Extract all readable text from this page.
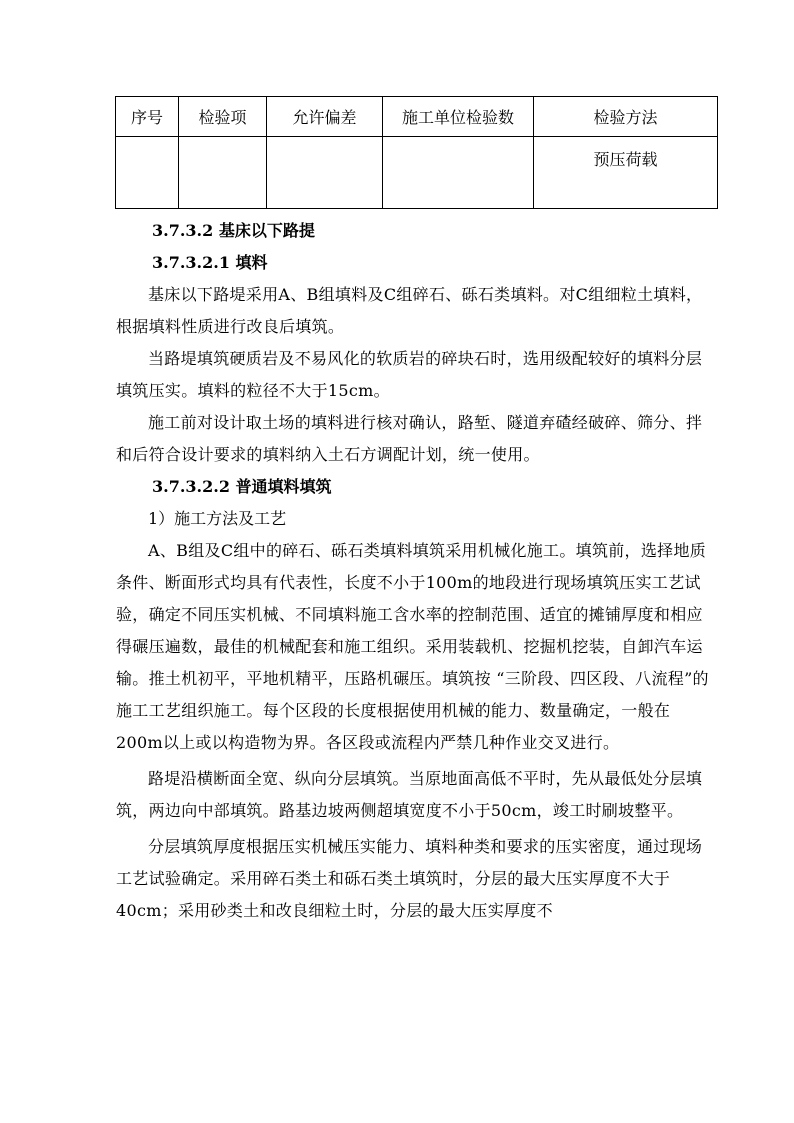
序号	检验项	允许偏差	施工单位检验数	检验方法
				预压荷载

3.7.3.2 基床以下路提

3.7.3.2.1 填料

基床以下路堤采用A、B组填料及C组碎石、砾石类填料。对C组细粒土填料，根据填料性质进行改良后填筑。

当路堤填筑硬质岩及不易风化的软质岩的碎块石时，选用级配较好的填料分层填筑压实。填料的粒径不大于15cm。

施工前对设计取土场的填料进行核对确认，路堑、隧道弃碴经破碎、筛分、拌和后符合设计要求的填料纳入土石方调配计划，统一使用。

3.7.3.2.2 普通填料填筑

1）施工方法及工艺

A、B组及C组中的碎石、砾石类填料填筑采用机械化施工。填筑前，选择地质条件、断面形式均具有代表性，长度不小于100m的地段进行现场填筑压实工艺试验，确定不同压实机械、不同填料施工含水率的控制范围、适宜的摊铺厚度和相应得碾压遍数，最佳的机械配套和施工组织。采用装载机、挖掘机挖装，自卸汽车运输。推土机初平，平地机精平，压路机碾压。填筑按 “三阶段、四区段、八流程”的施工工艺组织施工。每个区段的长度根据使用机械的能力、数量确定，一般在200m以上或以构造物为界。各区段或流程内严禁几种作业交叉进行。

路堤沿横断面全宽、纵向分层填筑。当原地面高低不平时，先从最低处分层填筑，两边向中部填筑。路基边坡两侧超填宽度不小于50cm，竣工时刷坡整平。

分层填筑厚度根据压实机械压实能力、填料种类和要求的压实密度，通过现场工艺试验确定。采用碎石类土和砾石类土填筑时，分层的最大压实厚度不大于40cm；采用砂类土和改良细粒土时，分层的最大压实厚度不
